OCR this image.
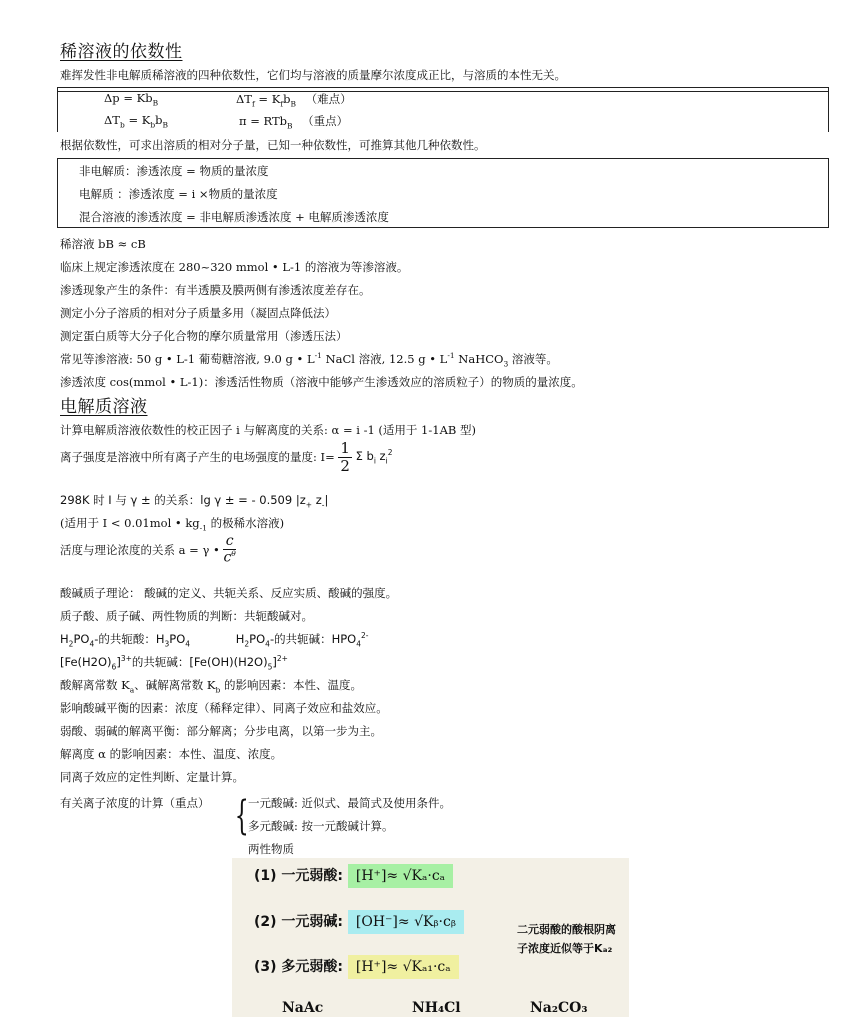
稀溶液的依数性
难挥发性非电解质稀溶液的四种依数性，它们均与溶液的质量摩尔浓度成正比，与溶质的本性无关。
$\Delta p = Kb_B$	$\Delta T_f = K_fb_B$ （难点）
$\Delta T_b = K_bb_B$	π = RTb$_B$ （重点）
根据依数性，可求出溶质的相对分子量，已知一种依数性，可推算其他几种依数性。
非电解质：渗透浓度 = 物质的量浓度
电解质 ：渗透浓度 = i ×物质的量浓度
混合溶液的渗透浓度 = 非电解质渗透浓度 + 电解质渗透浓度
稀溶液 bB ≈ cB
临床上规定渗透浓度在 280~320 mmol • L-1 的溶液为等渗溶液。
渗透现象产生的条件：有半透膜及膜两侧有渗透浓度差存在。
测定小分子溶质的相对分子质量多用（凝固点降低法）
测定蛋白质等大分子化合物的摩尔质量常用（渗透压法）
常见等渗溶液: 50 g • L-1 葡萄糖溶液, 9.0 g • $L^{-1}$ NaCl 溶液, 12.5 g • $L^{-1}$ NaHCO$_3$ 溶液等。
渗透浓度 cos(mmol • L-1)：渗透活性物质（溶液中能够产生渗透效应的溶质粒子）的物质的量浓度。
电解质溶液
计算电解质溶液依数性的校正因子 i 与解离度的关系: α = i -1 (适用于 1-1AB 型)
离子强度是溶液中所有离子产生的电场强度的量度: $I= \frac{1}{2}$ Σ $b_i$ $z_i^2$
298K 时 I 与 γ ± 的关系：lg γ ± = - 0.509 $|z_+$ $z_-|$
(适用于 I < 0.01mol • $kg_{-1}$ 的极稀水溶液)
活度与理论浓度的关系 a = γ • $\frac{c}{c^\theta}$
酸碱质子理论： 酸碱的定义、共轭关系、反应实质、酸碱的强度。
质子酸、质子碱、两性物质的判断：共轭酸碱对。
$H_2PO_4-$的共轭酸：$H_3PO_4$	$H_2PO_4-$的共轭碱：$HPO_4^{2-}$
$[Fe(H2O)_6]^{3+}$的共轭碱：$[Fe(OH)(H2O)_5]^{2+}$
酸解离常数 $K_a$、碱解离常数 $K_b$ 的影响因素：本性、温度。
影响酸碱平衡的因素：浓度（稀释定律）、同离子效应和盐效应。
弱酸、弱碱的解离平衡：部分解离；分步电离，以第一步为主。
解离度 α 的影响因素：本性、温度、浓度。
同离子效应的定性判断、定量计算。
有关离子浓度的计算（重点） { 一元酸碱: 近似式、最简式及使用条件。
多元酸碱: 按一元酸碱计算。
两性物质
(1) 一元弱酸: [H⁺]≈ √Kₐ·cₐ
(2) 一元弱碱: [OH⁻]≈ √Kᵦ·cᵦ
(3) 多元弱酸: [H⁺]≈ √Kₐ₁·cₐ
二元弱酸的酸根阴离子浓度近似等于Kₐ₂
NaAc	NH₄Cl	Na₂CO₃
